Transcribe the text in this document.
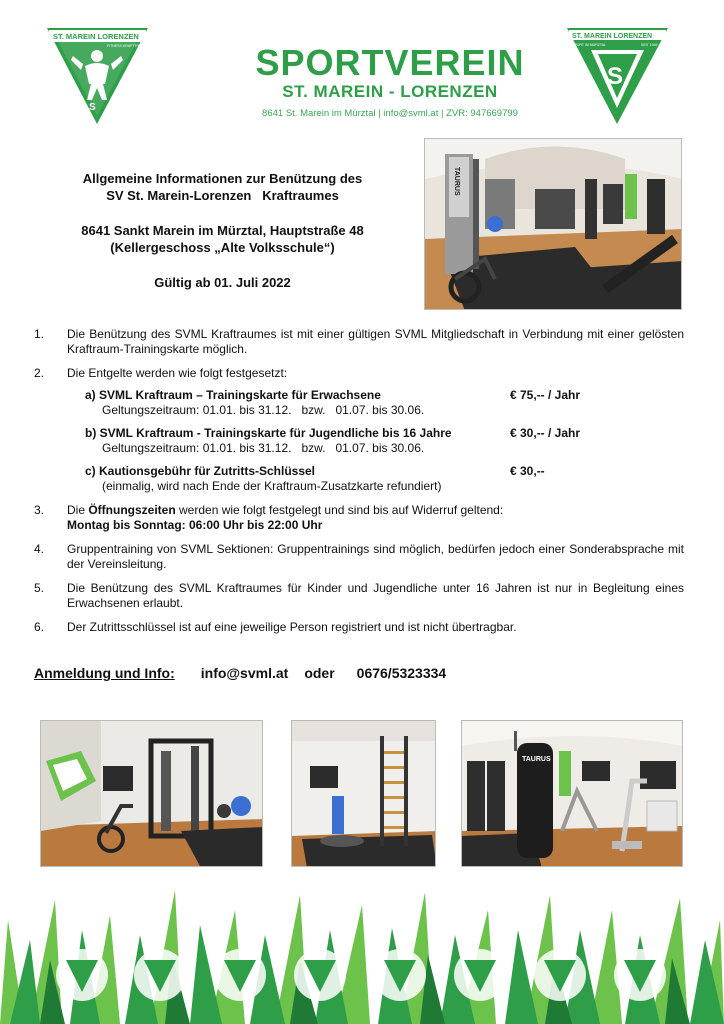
ST. MAREIN LORENZEN
FITNESS-KRAFTTRAINING
S
SPORTVEREIN
ST. MAREIN - LORENZEN
8641 St. Marein im Mürztal | info@svml.at | ZVR: 947669799
ST. MAREIN LORENZEN
SPORT IM MÜRZTAL	SEIT 1949
S
Allgemeine Informationen zur Benützung des
SV St. Marein-Lorenzen   Kraftraumes
8641 Sankt Marein im Mürztal, Hauptstraße 48
(Kellergeschoss „Alte Volksschule“)
Gültig ab 01. Juli 2022
TAURUS
1.	Die Benützung des SVML Kraftraumes ist mit einer gültigen SVML Mitgliedschaft in Verbindung mit einer gelösten Kraftraum-Trainingskarte möglich.
2.	Die Entgelte werden wie folgt festgesetzt:
a) SVML Kraftraum – Trainingskarte für Erwachsene	€ 75,-- / Jahr
Geltungszeitraum: 01.01. bis 31.12.   bzw.   01.07. bis 30.06.
b) SVML Kraftraum - Trainingskarte für Jugendliche bis 16 Jahre	€ 30,-- / Jahr
Geltungszeitraum: 01.01. bis 31.12.   bzw.   01.07. bis 30.06.
c) Kautionsgebühr für Zutritts-Schlüssel	€ 30,--
(einmalig, wird nach Ende der Kraftraum-Zusatzkarte refundiert)
3.	Die Öffnungszeiten werden wie folgt festgelegt und sind bis auf Widerruf geltend:
Montag bis Sonntag: 06:00 Uhr bis 22:00 Uhr
4.	Gruppentraining von SVML Sektionen: Gruppentrainings sind möglich, bedürfen jedoch einer Sonderabsprache mit der Vereinsleitung.
5.	Die Benützung des SVML Kraftraumes für Kinder und Jugendliche unter 16 Jahren ist nur in Begleitung eines Erwachsenen erlaubt.
6.	Der Zutrittsschlüssel ist auf eine jeweilige Person registriert und ist nicht übertragbar.
Anmeldung und Info: info@svml.at oder 0676/5323334
TAURUS
